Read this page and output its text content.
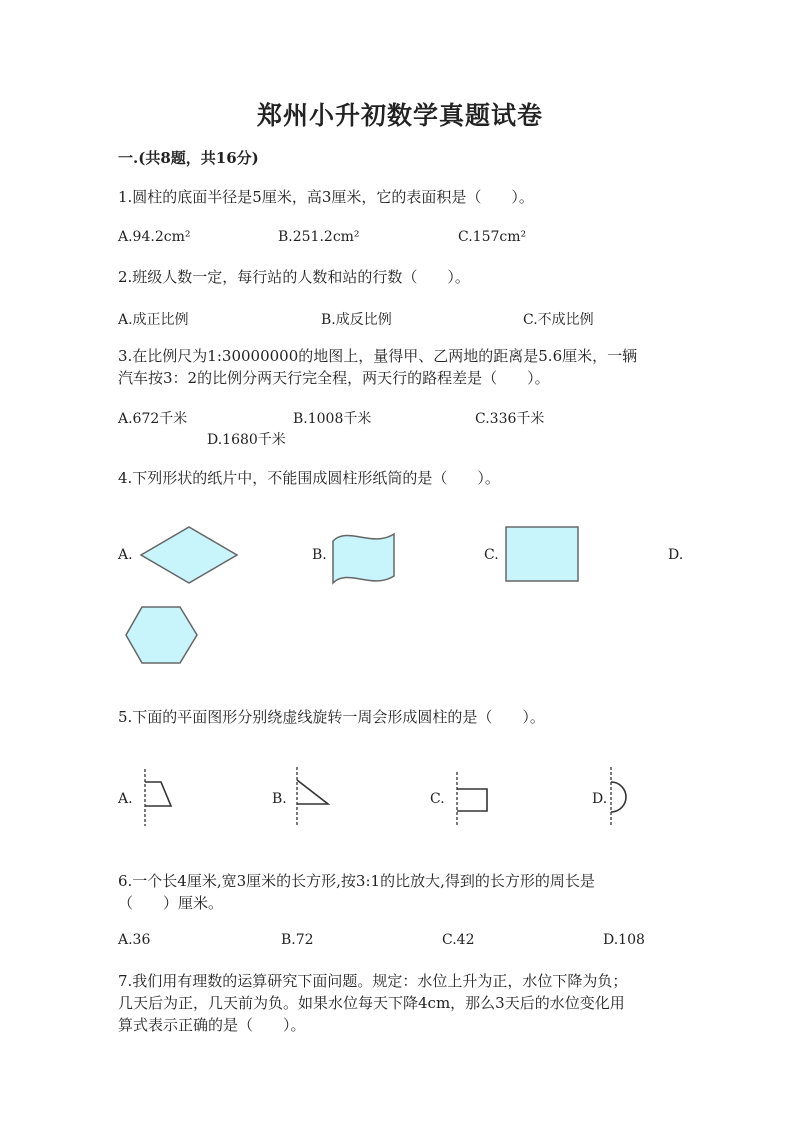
郑州小升初数学真题试卷
一.(共8题，共16分)
1.圆柱的底面半径是5厘米，高3厘米，它的表面积是（　　）。
A.94.2cm²	B.251.2cm²	C.157cm²
2.班级人数一定，每行站的人数和站的行数（　　）。
A.成正比例	B.成反比例	C.不成比例
3.在比例尺为1:30000000的地图上，量得甲、乙两地的距离是5.6厘米，一辆
汽车按3：2的比例分两天行完全程，两天行的路程差是（　　）。
A.672千米	B.1008千米	C.336千米
D.1680千米
4.下列形状的纸片中，不能围成圆柱形纸筒的是（　　）。
A.	B.	C.	D.
5.下面的平面图形分别绕虚线旋转一周会形成圆柱的是（　　）。
A.	B.	C.	D.
6.一个长4厘米,宽3厘米的长方形,按3:1的比放大,得到的长方形的周长是
（　　）厘米。
A.36	B.72	C.42	D.108
7.我们用有理数的运算研究下面问题。规定：水位上升为正，水位下降为负；
几天后为正，几天前为负。如果水位每天下降4cm，那么3天后的水位变化用
算式表示正确的是（　　）。
